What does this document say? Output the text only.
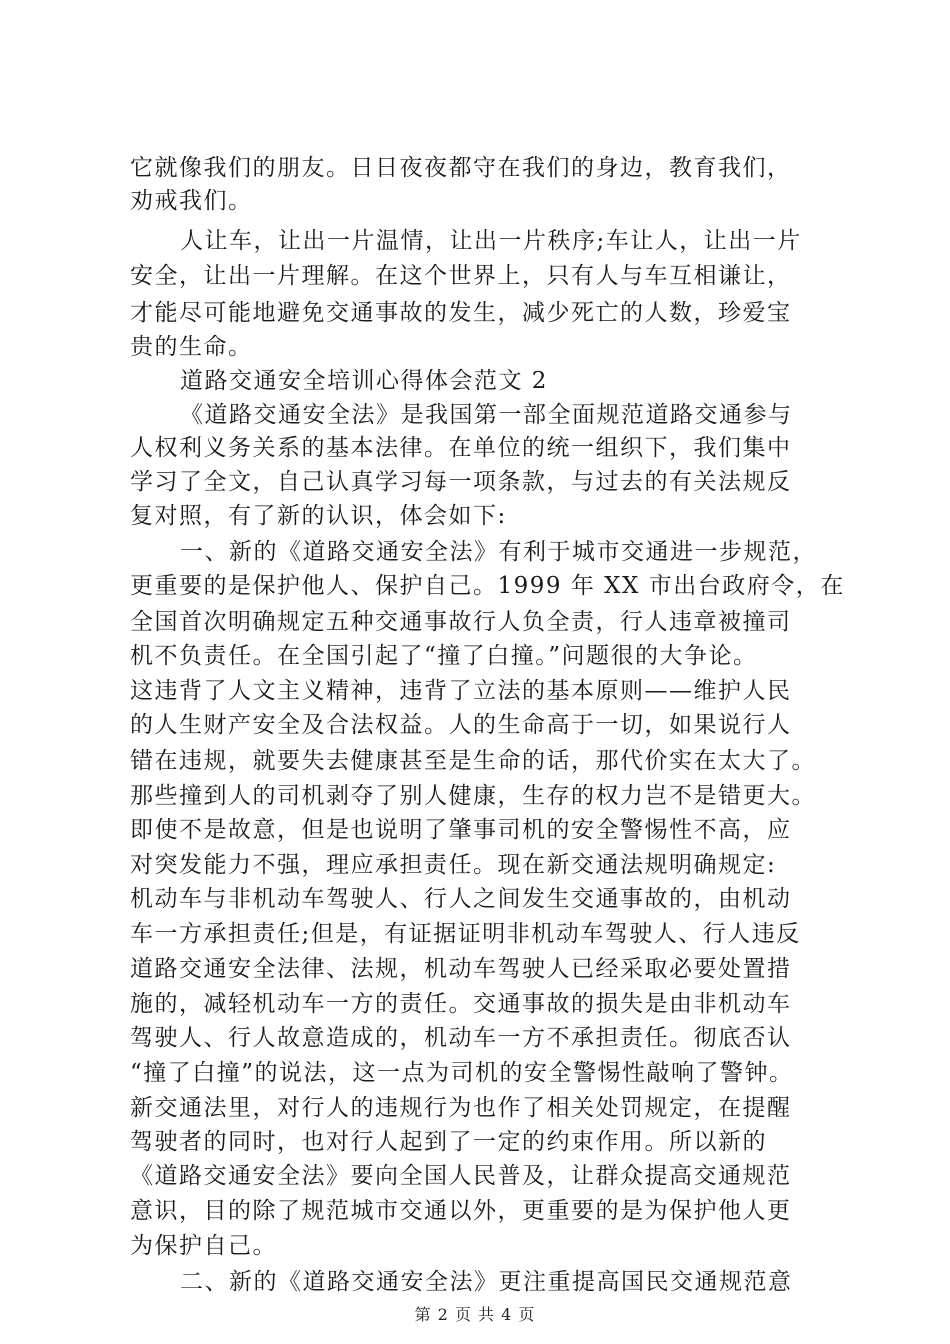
它就像我们的朋友。日日夜夜都守在我们的身边，教育我们，
劝戒我们。
人让车，让出一片温情，让出一片秩序;车让人，让出一片
安全，让出一片理解。在这个世界上，只有人与车互相谦让，
才能尽可能地避免交通事故的发生，减少死亡的人数，珍爱宝
贵的生命。
道路交通安全培训心得体会范文 2
《道路交通安全法》是我国第一部全面规范道路交通参与
人权利义务关系的基本法律。在单位的统一组织下，我们集中
学习了全文，自己认真学习每一项条款，与过去的有关法规反
复对照，有了新的认识，体会如下:
一、新的《道路交通安全法》有利于城市交通进一步规范，
更重要的是保护他人、保护自己。1999 年 XX 市出台政府令，在
全国首次明确规定五种交通事故行人负全责，行人违章被撞司
机不负责任。在全国引起了“撞了白撞。”问题很的大争论。
这违背了人文主义精神，违背了立法的基本原则——维护人民
的人生财产安全及合法权益。人的生命高于一切，如果说行人
错在违规，就要失去健康甚至是生命的话，那代价实在太大了。
那些撞到人的司机剥夺了别人健康，生存的权力岂不是错更大。
即使不是故意，但是也说明了肇事司机的安全警惕性不高，应
对突发能力不强，理应承担责任。现在新交通法规明确规定:
机动车与非机动车驾驶人、行人之间发生交通事故的，由机动
车一方承担责任;但是，有证据证明非机动车驾驶人、行人违反
道路交通安全法律、法规，机动车驾驶人已经采取必要处置措
施的，减轻机动车一方的责任。交通事故的损失是由非机动车
驾驶人、行人故意造成的，机动车一方不承担责任。彻底否认
“撞了白撞”的说法，这一点为司机的安全警惕性敲响了警钟。
新交通法里，对行人的违规行为也作了相关处罚规定，在提醒
驾驶者的同时，也对行人起到了一定的约束作用。所以新的
《道路交通安全法》要向全国人民普及，让群众提高交通规范
意识，目的除了规范城市交通以外，更重要的是为保护他人更
为保护自己。
二、新的《道路交通安全法》更注重提高国民交通规范意
第 2 页 共 4 页
